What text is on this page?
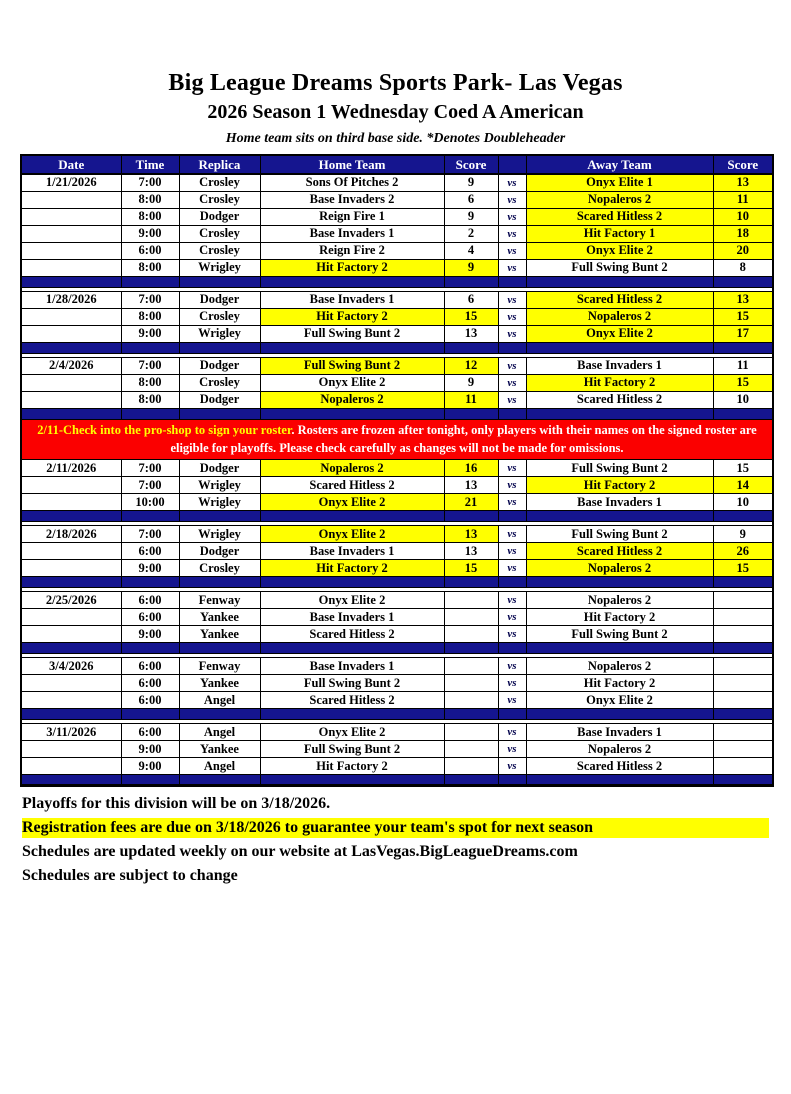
Big League Dreams Sports Park- Las Vegas
2026 Season 1 Wednesday Coed A American
Home team sits on third base side. *Denotes Doubleheader
Date	Time	Replica	Home Team	Score		Away Team	Score
1/21/2026	7:00	Crosley	Sons Of Pitches 2	9	vs	Onyx Elite 1	13
	8:00	Crosley	Base Invaders 2	6	vs	Nopaleros 2	11
	8:00	Dodger	Reign Fire 1	9	vs	Scared Hitless 2	10
	9:00	Crosley	Base Invaders 1	2	vs	Hit Factory 1	18
	6:00	Crosley	Reign Fire 2	4	vs	Onyx Elite 2	20
	8:00	Wrigley	Hit Factory 2	9	vs	Full Swing Bunt 2	8

1/28/2026	7:00	Dodger	Base Invaders 1	6	vs	Scared Hitless 2	13
	8:00	Crosley	Hit Factory 2	15	vs	Nopaleros 2	15
	9:00	Wrigley	Full Swing Bunt 2	13	vs	Onyx Elite 2	17

2/4/2026	7:00	Dodger	Full Swing Bunt 2	12	vs	Base Invaders 1	11
	8:00	Crosley	Onyx Elite 2	9	vs	Hit Factory 2	15
	8:00	Dodger	Nopaleros 2	11	vs	Scared Hitless 2	10

2/11-Check into the pro-shop to sign your roster. Rosters are frozen after tonight, only players with their names on the signed roster are eligible for playoffs. Please check carefully as changes will not be made for omissions.							
2/11/2026	7:00	Dodger	Nopaleros 2	16	vs	Full Swing Bunt 2	15
	7:00	Wrigley	Scared Hitless 2	13	vs	Hit Factory 2	14
	10:00	Wrigley	Onyx Elite 2	21	vs	Base Invaders 1	10

2/18/2026	7:00	Wrigley	Onyx Elite 2	13	vs	Full Swing Bunt 2	9
	6:00	Dodger	Base Invaders 1	13	vs	Scared Hitless 2	26
	9:00	Crosley	Hit Factory 2	15	vs	Nopaleros 2	15

2/25/2026	6:00	Fenway	Onyx Elite 2		vs	Nopaleros 2	
	6:00	Yankee	Base Invaders 1		vs	Hit Factory 2	
	9:00	Yankee	Scared Hitless 2		vs	Full Swing Bunt 2	

3/4/2026	6:00	Fenway	Base Invaders 1		vs	Nopaleros 2	
	6:00	Yankee	Full Swing Bunt 2		vs	Hit Factory 2	
	6:00	Angel	Scared Hitless 2		vs	Onyx Elite 2	

3/11/2026	6:00	Angel	Onyx Elite 2		vs	Base Invaders 1	
	9:00	Yankee	Full Swing Bunt 2		vs	Nopaleros 2	
	9:00	Angel	Hit Factory 2		vs	Scared Hitless 2	

Playoffs for this division will be on 3/18/2026.
Registration fees are due on 3/18/2026 to guarantee your team's spot for next season
Schedules are updated weekly on our website at LasVegas.BigLeagueDreams.com
Schedules are subject to change
